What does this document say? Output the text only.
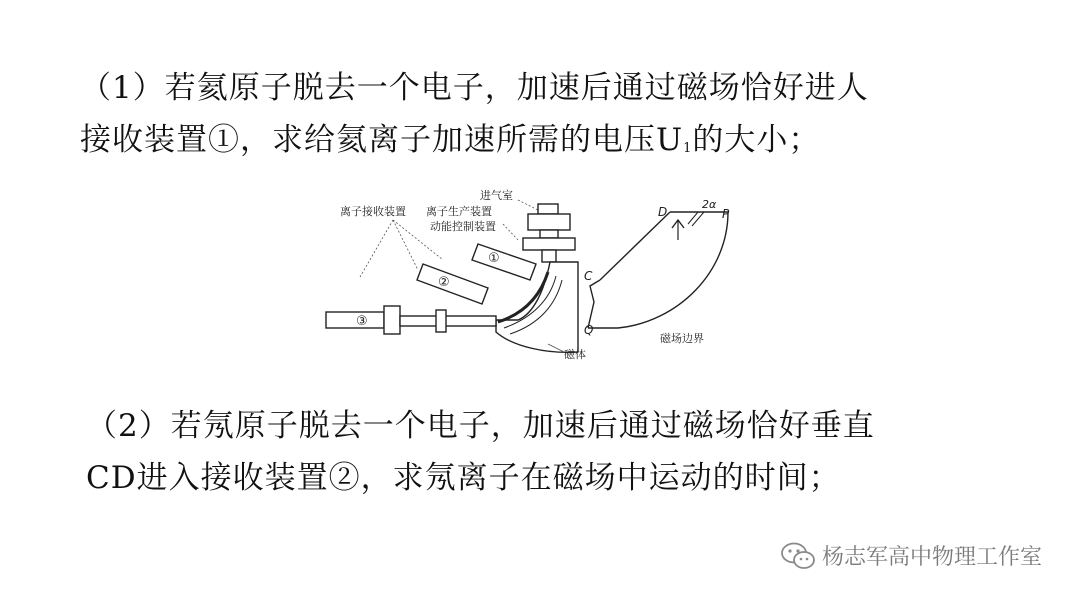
（1）若氦原子脱去一个电子，加速后通过磁场恰好进人
接收装置①，求给氦离子加速所需的电压$U_1$的大小；
进气室
离子接收装置 离子生产装置
动能控制装置
①
②
③
磁体
D	P
2α
C
Q
磁场边界
（2）若氖原子脱去一个电子，加速后通过磁场恰好垂直
CD进入接收装置②，求氖离子在磁场中运动的时间；
杨志军高中物理工作室
